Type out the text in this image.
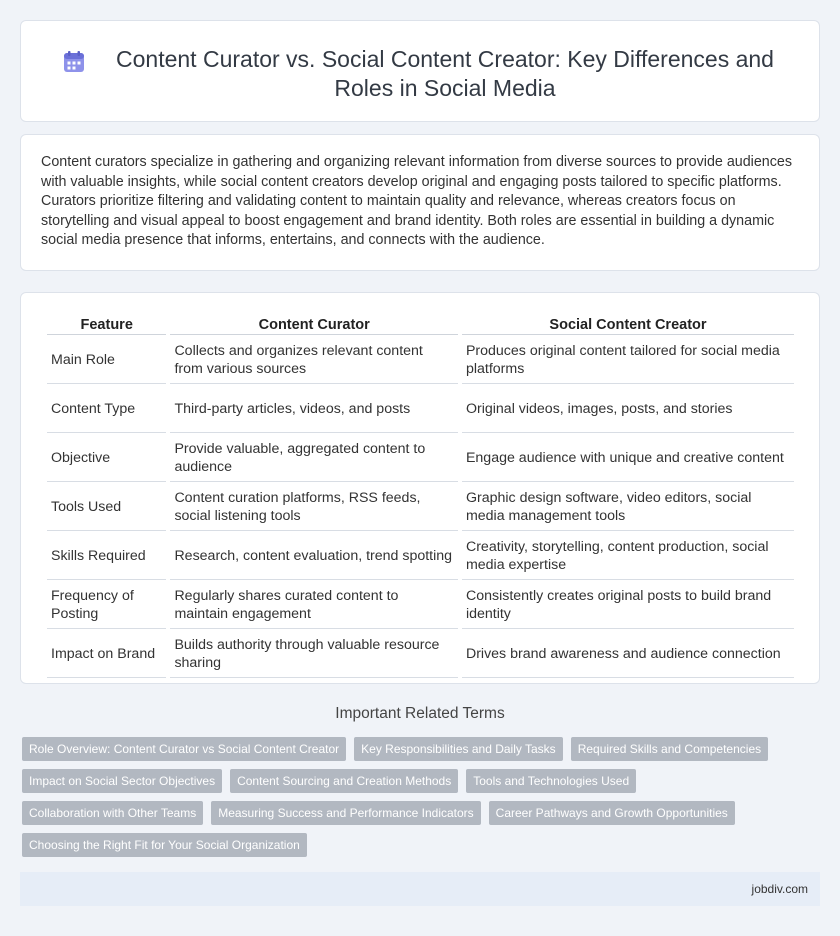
Content Curator vs. Social Content Creator: Key Differences and Roles in Social Media

Content curators specialize in gathering and organizing relevant information from diverse sources to provide audiences with valuable insights, while social content creators develop original and engaging posts tailored to specific platforms. Curators prioritize filtering and validating content to maintain quality and relevance, whereas creators focus on storytelling and visual appeal to boost engagement and brand identity. Both roles are essential in building a dynamic social media presence that informs, entertains, and connects with the audience.

Feature	Content Curator	Social Content Creator
Main Role	Collects and organizes relevant content from various sources	Produces original content tailored for social media platforms
Content Type	Third-party articles, videos, and posts	Original videos, images, posts, and stories
Objective	Provide valuable, aggregated content to audience	Engage audience with unique and creative content
Tools Used	Content curation platforms, RSS feeds, social listening tools	Graphic design software, video editors, social media management tools
Skills Required	Research, content evaluation, trend spotting	Creativity, storytelling, content production, social media expertise
Frequency of Posting	Regularly shares curated content to maintain engagement	Consistently creates original posts to build brand identity
Impact on Brand	Builds authority through valuable resource sharing	Drives brand awareness and audience connection
Important Related Terms
Role Overview: Content Curator vs Social Content Creator	Key Responsibilities and Daily Tasks	Required Skills and Competencies
Impact on Social Sector Objectives	Content Sourcing and Creation Methods	Tools and Technologies Used
Collaboration with Other Teams	Measuring Success and Performance Indicators	Career Pathways and Growth Opportunities
Choosing the Right Fit for Your Social Organization
jobdiv.com
